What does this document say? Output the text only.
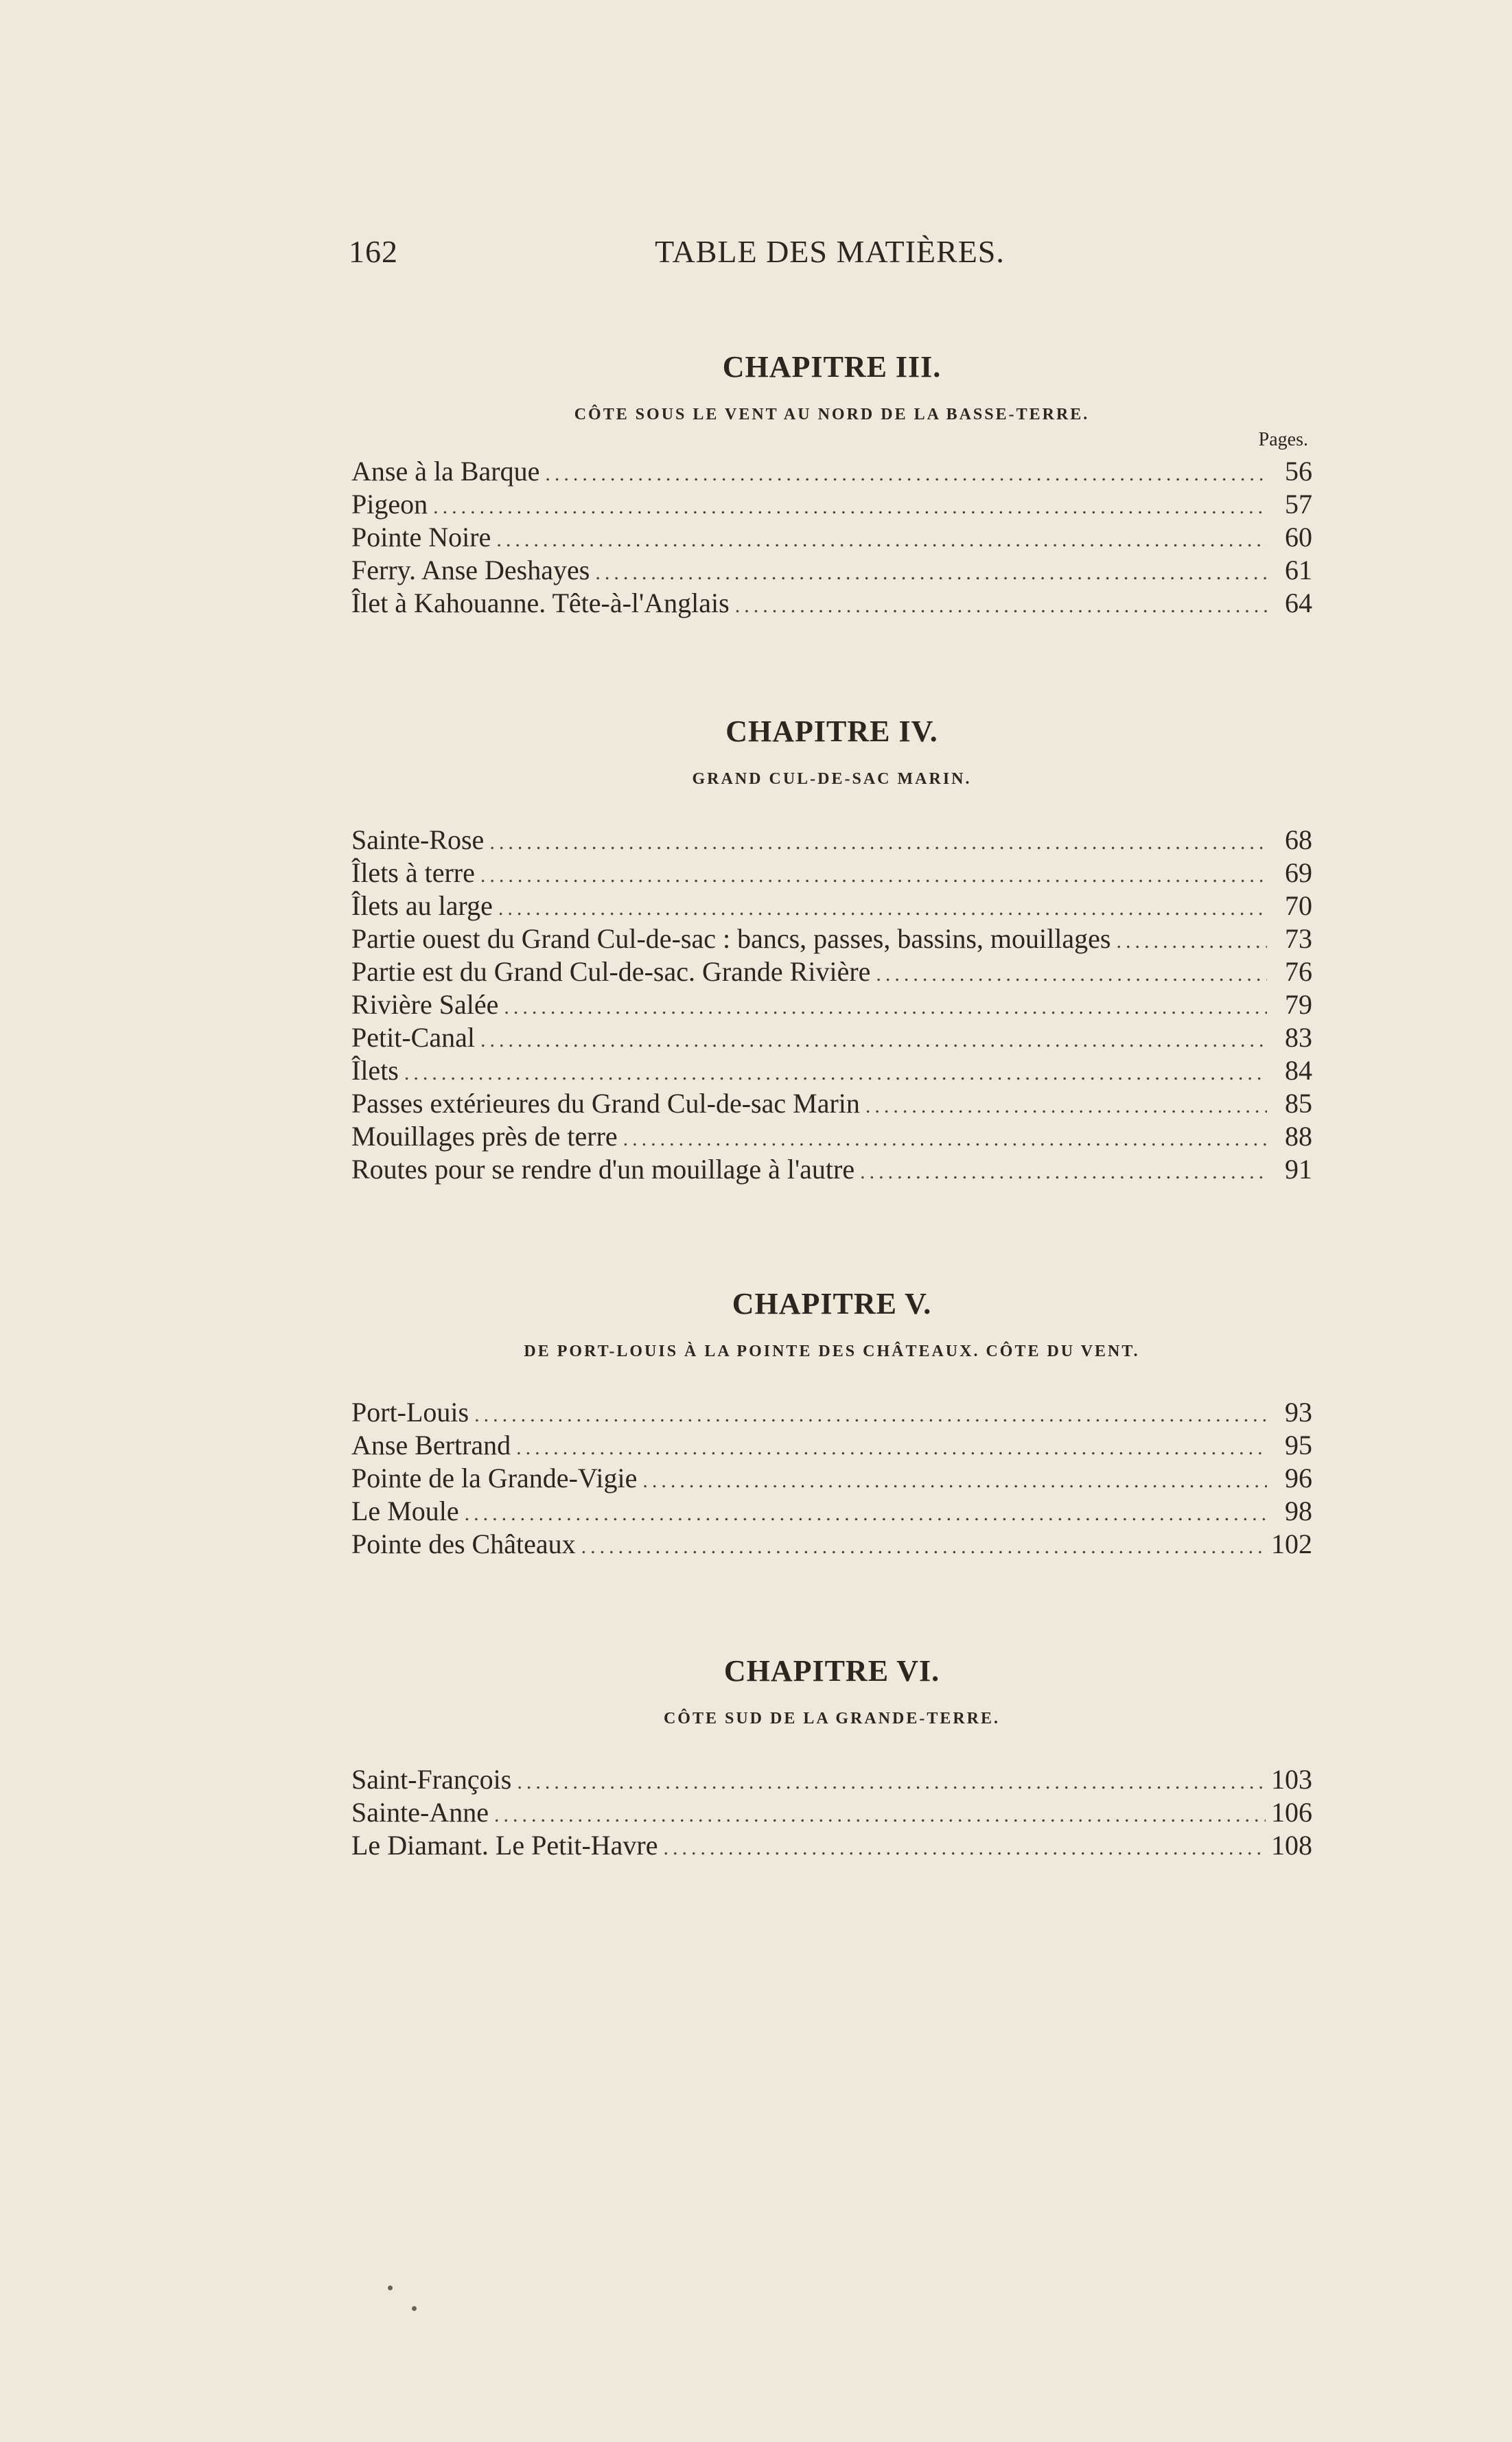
162	TABLE DES MATIÈRES.
CHAPITRE III.
CÔTE SOUS LE VENT AU NORD DE LA BASSE-TERRE.
Pages.
Anse à la Barque .....	56
Pigeon .....	57
Pointe Noire .....	60
Ferry. Anse Deshayes .....	61
Îlet à Kahouanne. Tête-à-l'Anglais .....	64
CHAPITRE IV.
GRAND CUL-DE-SAC MARIN.
Sainte-Rose .....	68
Îlets à terre .....	69
Îlets au large .....	70
Partie ouest du Grand Cul-de-sac : bancs, passes, bassins, mouillages .....	73
Partie est du Grand Cul-de-sac. Grande Rivière .....	76
Rivière Salée .....	79
Petit-Canal .....	83
Îlets .....	84
Passes extérieures du Grand Cul-de-sac Marin .....	85
Mouillages près de terre .....	88
Routes pour se rendre d'un mouillage à l'autre .....	91
CHAPITRE V.
DE PORT-LOUIS À LA POINTE DES CHÂTEAUX. CÔTE DU VENT.
Port-Louis .....	93
Anse Bertrand .....	95
Pointe de la Grande-Vigie .....	96
Le Moule .....	98
Pointe des Châteaux .....	102
CHAPITRE VI.
CÔTE SUD DE LA GRANDE-TERRE.
Saint-François .....	103
Sainte-Anne .....	106
Le Diamant. Le Petit-Havre .....	108
